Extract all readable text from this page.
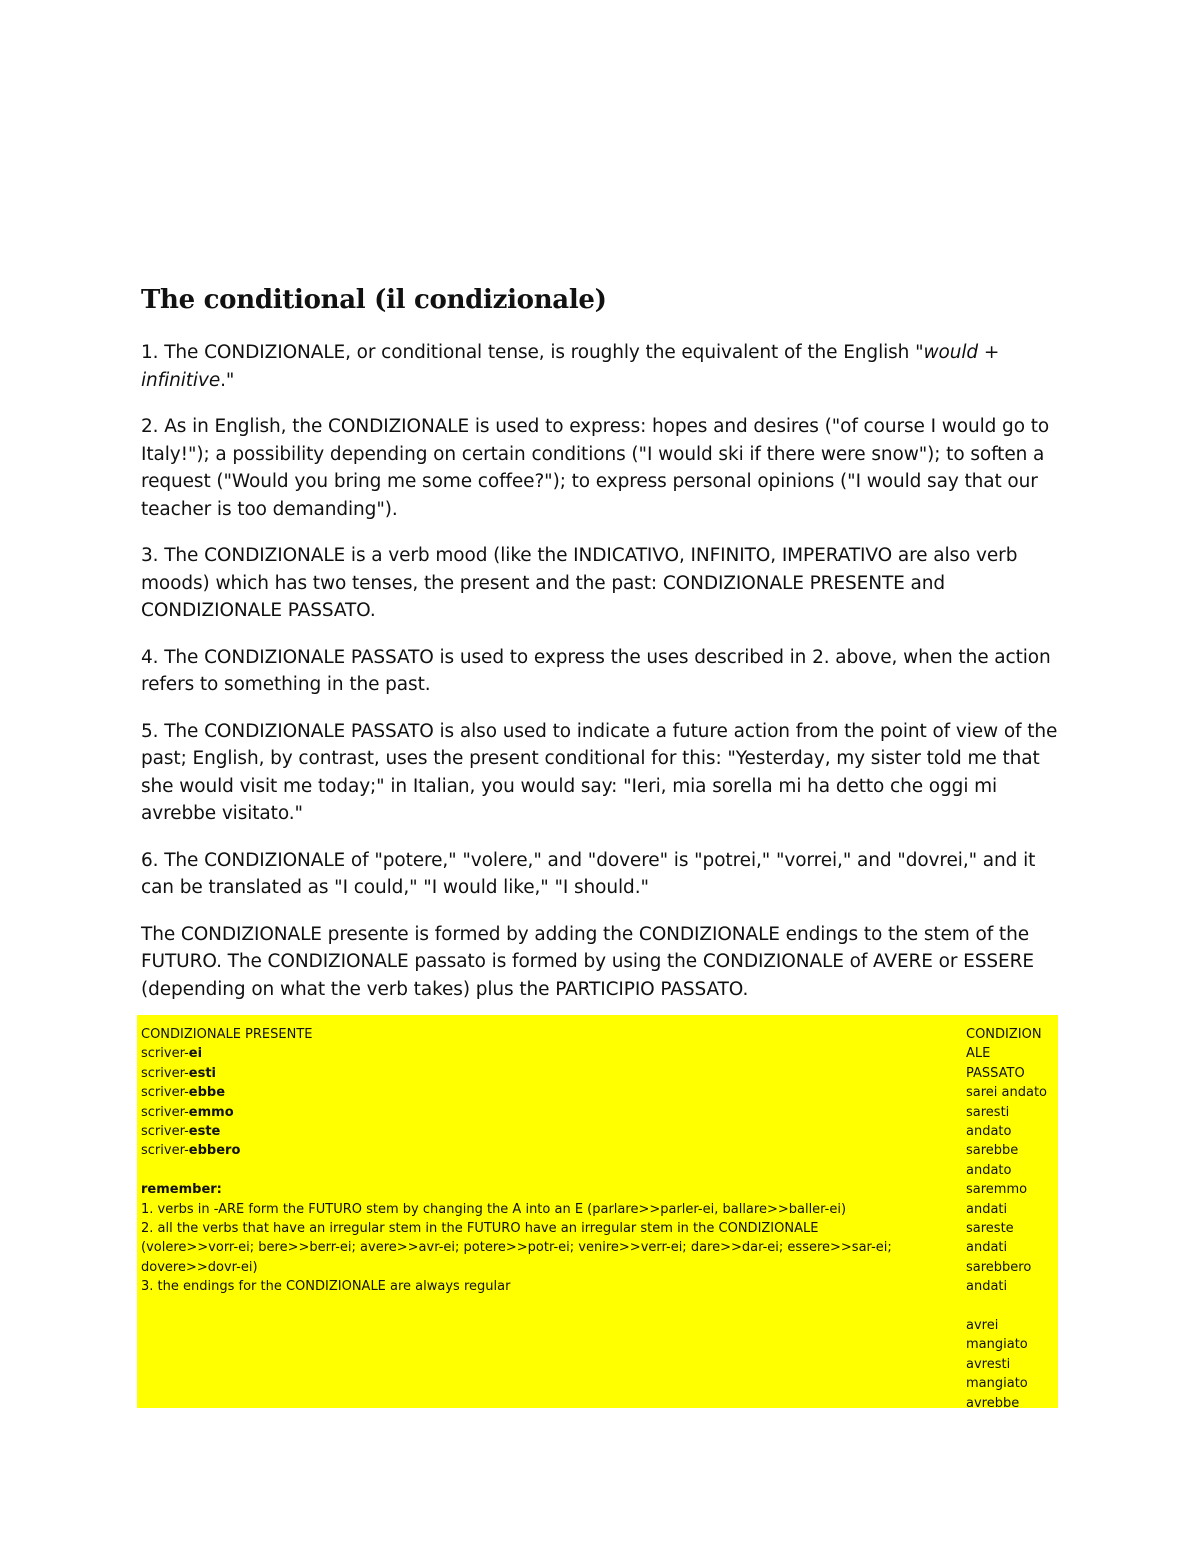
The conditional (il condizionale)

1. The CONDIZIONALE, or conditional tense, is roughly the equivalent of the English "would + infinitive."

2. As in English, the CONDIZIONALE is used to express: hopes and desires ("of course I would go to Italy!"); a possibility depending on certain conditions ("I would ski if there were snow"); to soften a request ("Would you bring me some coffee?"); to express personal opinions ("I would say that our teacher is too demanding").

3. The CONDIZIONALE is a verb mood (like the INDICATIVO, INFINITO, IMPERATIVO are also verb moods) which has two tenses, the present and the past: CONDIZIONALE PRESENTE and CONDIZIONALE PASSATO.

4. The CONDIZIONALE PASSATO is used to express the uses described in 2. above, when the action refers to something in the past.

5. The CONDIZIONALE PASSATO is also used to indicate a future action from the point of view of the past; English, by contrast, uses the present conditional for this: "Yesterday, my sister told me that she would visit me today;" in Italian, you would say: "Ieri, mia sorella mi ha detto che oggi mi avrebbe visitato."

6. The CONDIZIONALE of "potere," "volere," and "dovere" is "potrei," "vorrei," and "dovrei," and it can be translated as "I could," "I would like," "I should."

The CONDIZIONALE presente is formed by adding the CONDIZIONALE endings to the stem of the FUTURO. The CONDIZIONALE passato is formed by using the CONDIZIONALE of AVERE or ESSERE (depending on what the verb takes) plus the PARTICIPIO PASSATO.

CONDIZIONALE PRESENTE
scriver-ei
scriver-esti
scriver-ebbe
scriver-emmo
scriver-este
scriver-ebbero
remember:
1. verbs in -ARE form the FUTURO stem by changing the A into an E (parlare>>parler-ei, ballare>>baller-ei)
2. all the verbs that have an irregular stem in the FUTURO have an irregular stem in the CONDIZIONALE
(volere>>vorr-ei; bere>>berr-ei; avere>>avr-ei; potere>>potr-ei; venire>>verr-ei; dare>>dar-ei; essere>>sar-ei;
dovere>>dovr-ei)
3. the endings for the CONDIZIONALE are always regular
CONDIZION
ALE
PASSATO
sarei andato
saresti
andato
sarebbe
andato
saremmo
andati
sareste
andati
sarebbero
andati
avrei
mangiato
avresti
mangiato
avrebbe
